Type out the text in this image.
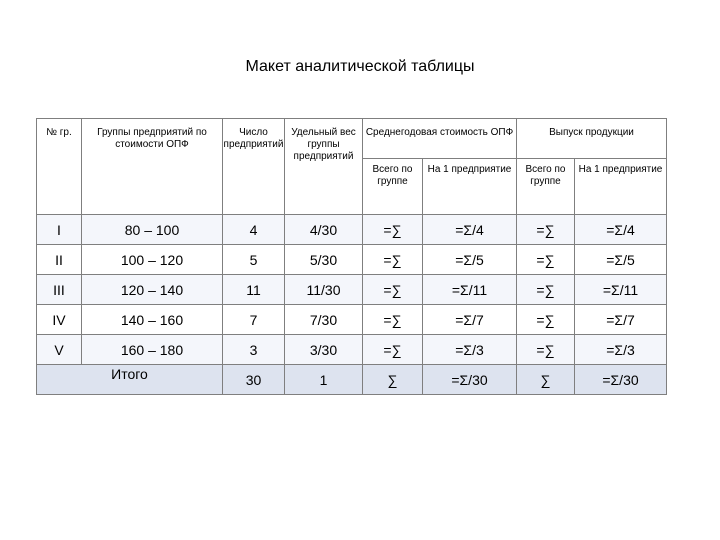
Макет аналитической таблицы
№ гр.	Группы предприятий по стоимости ОПФ	Число предприятий	Удельный вес группы предприятий	Среднегодовая стоимость ОПФ		Выпуск продукции	
				Всего по группе	На 1 предприятие	Всего по группе	На 1 предприятие
I	80 – 100	4	4/30	=∑	=Σ/4	=∑	=Σ/4
II	100 – 120	5	5/30	=∑	=Σ/5	=∑	=Σ/5
III	120 – 140	11	11/30	=∑	=Σ/11	=∑	=Σ/11
IV	140 – 160	7	7/30	=∑	=Σ/7	=∑	=Σ/7
V	160 – 180	3	3/30	=∑	=Σ/3	=∑	=Σ/3
Итого		30	1	∑	=Σ/30	∑	=Σ/30
